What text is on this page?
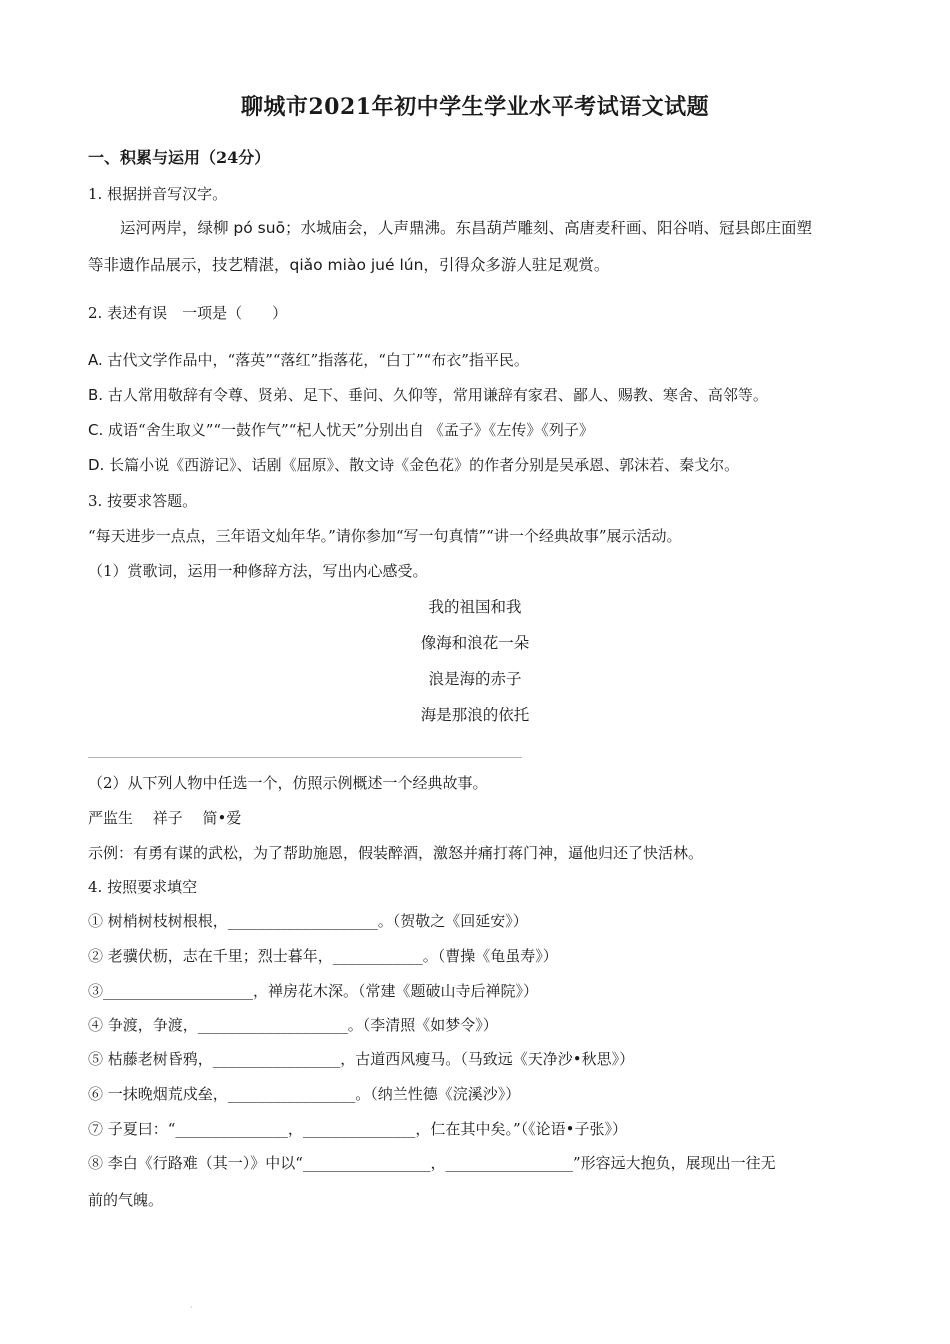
聊城市2021年初中学生学业水平考试语文试题
一、积累与运用（24分）
1. 根据拼音写汉字。
运河两岸，绿柳 pó suō；水城庙会，人声鼎沸。东昌葫芦雕刻、高唐麦秆画、阳谷哨、冠县郎庄面塑
等非遗作品展示，技艺精湛，qiǎo miào jué lún，引得众多游人驻足观赏。
2. 表述有误　一项是（　　）
A. 古代文学作品中，“落英”“落红”指落花，“白丁”“布衣”指平民。
B. 古人常用敬辞有令尊、贤弟、足下、垂问、久仰等，常用谦辞有家君、鄙人、赐教、寒舍、高邻等。
C. 成语“舍生取义”“一鼓作气”“杞人忧天”分别出自 《孟子》《左传》《列子》
D. 长篇小说《西游记》、话剧《屈原》、散文诗《金色花》的作者分别是吴承恩、郭沫若、秦戈尔。
3. 按要求答题。
“每天进步一点点，三年语文灿年华。”请你参加“写一句真情”“讲一个经典故事”展示活动。
（1）赏歌词，运用一种修辞方法，写出内心感受。
我的祖国和我
像海和浪花一朵
浪是海的赤子
海是那浪的依托
（2）从下列人物中任选一个，仿照示例概述一个经典故事。
严监生　 祥子　 简•爱
示例：有勇有谋的武松，为了帮助施恩，假装醉酒，激怒并痛打蒋门神，逼他归还了快活林。
4. 按照要求填空
① 树梢树枝树根根，____________________。（贺敬之《回延安》）
② 老骥伏枥，志在千里；烈士暮年，____________。（曹操《龟虽寿》）
③____________________，禅房花木深。（常建《题破山寺后禅院》）
④ 争渡，争渡，____________________。（李清照《如梦令》）
⑤ 枯藤老树昏鸦，_________________，古道西风瘦马。（马致远《天净沙•秋思》）
⑥ 一抹晚烟荒戍垒，_________________。（纳兰性德《浣溪沙》）
⑦ 子夏曰：“_______________，_______________，仁在其中矣。”（《论语•子张》）
⑧ 李白《行路难（其一）》中以“_________________，_________________”形容远大抱负，展现出一往无
前的气魄。
·
